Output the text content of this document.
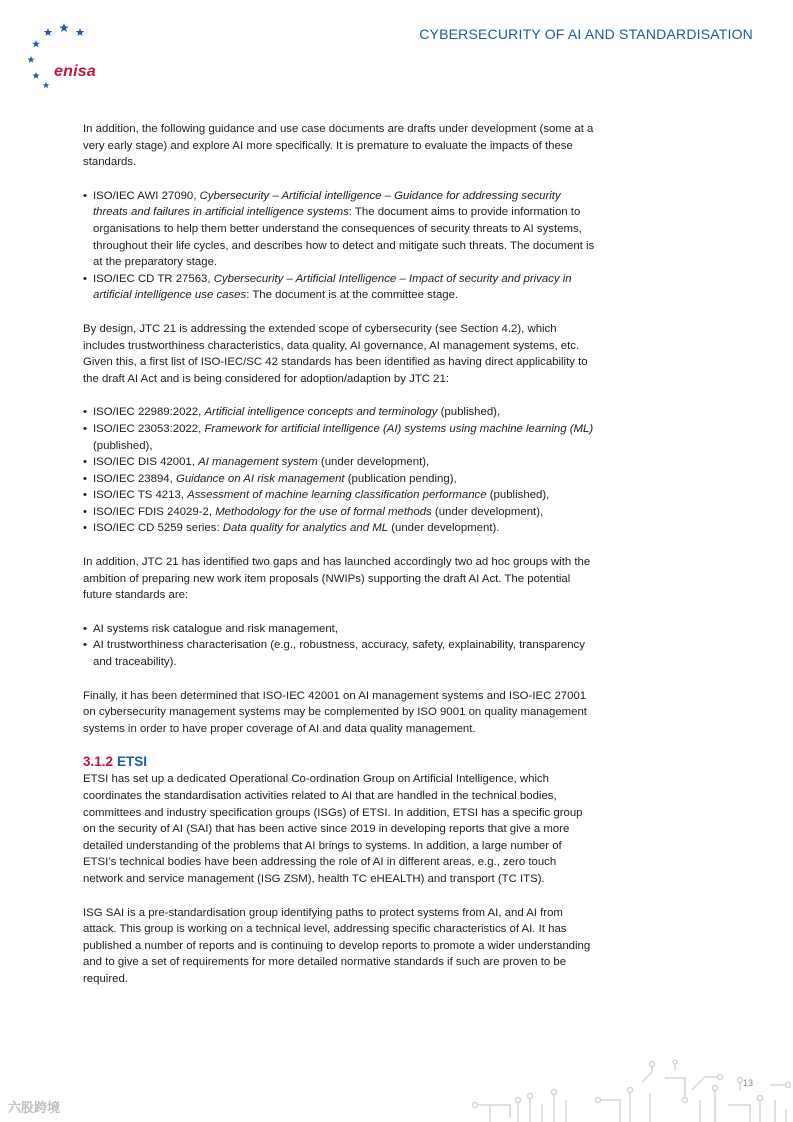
enisa
CYBERSECURITY OF AI AND STANDARDISATION

In addition, the following guidance and use case documents are drafts under development (some at a very early stage) and explore AI more specifically. It is premature to evaluate the impacts of these standards.

• ISO/IEC AWI 27090, Cybersecurity – Artificial intelligence – Guidance for addressing security threats and failures in artificial intelligence systems: The document aims to provide information to organisations to help them better understand the consequences of security threats to AI systems, throughout their life cycles, and describes how to detect and mitigate such threats. The document is at the preparatory stage.
• ISO/IEC CD TR 27563, Cybersecurity – Artificial Intelligence – Impact of security and privacy in artificial intelligence use cases: The document is at the committee stage.

By design, JTC 21 is addressing the extended scope of cybersecurity (see Section 4.2), which includes trustworthiness characteristics, data quality, AI governance, AI management systems, etc. Given this, a first list of ISO-IEC/SC 42 standards has been identified as having direct applicability to the draft AI Act and is being considered for adoption/adaption by JTC 21:

• ISO/IEC 22989:2022, Artificial intelligence concepts and terminology (published),
• ISO/IEC 23053:2022, Framework for artificial intelligence (AI) systems using machine learning (ML) (published),
• ISO/IEC DIS 42001, AI management system (under development),
• ISO/IEC 23894, Guidance on AI risk management (publication pending),
• ISO/IEC TS 4213, Assessment of machine learning classification performance (published),
• ISO/IEC FDIS 24029-2, Methodology for the use of formal methods (under development),
• ISO/IEC CD 5259 series: Data quality for analytics and ML (under development).

In addition, JTC 21 has identified two gaps and has launched accordingly two ad hoc groups with the ambition of preparing new work item proposals (NWIPs) supporting the draft AI Act. The potential future standards are:

• AI systems risk catalogue and risk management,
• AI trustworthiness characterisation (e.g., robustness, accuracy, safety, explainability, transparency and traceability).

Finally, it has been determined that ISO-IEC 42001 on AI management systems and ISO-IEC 27001 on cybersecurity management systems may be complemented by ISO 9001 on quality management systems in order to have proper coverage of AI and data quality management.

3.1.2 ETSI

ETSI has set up a dedicated Operational Co-ordination Group on Artificial Intelligence, which coordinates the standardisation activities related to AI that are handled in the technical bodies, committees and industry specification groups (ISGs) of ETSI. In addition, ETSI has a specific group on the security of AI (SAI) that has been active since 2019 in developing reports that give a more detailed understanding of the problems that AI brings to systems. In addition, a large number of ETSI’s technical bodies have been addressing the role of AI in different areas, e.g., zero touch network and service management (ISG ZSM), health TC eHEALTH) and transport (TC ITS).

ISG SAI is a pre-standardisation group identifying paths to protect systems from AI, and AI from attack. This group is working on a technical level, addressing specific characteristics of AI. It has published a number of reports and is continuing to develop reports to promote a wider understanding and to give a set of requirements for more detailed normative standards if such are proven to be required.

13
六股跨境
